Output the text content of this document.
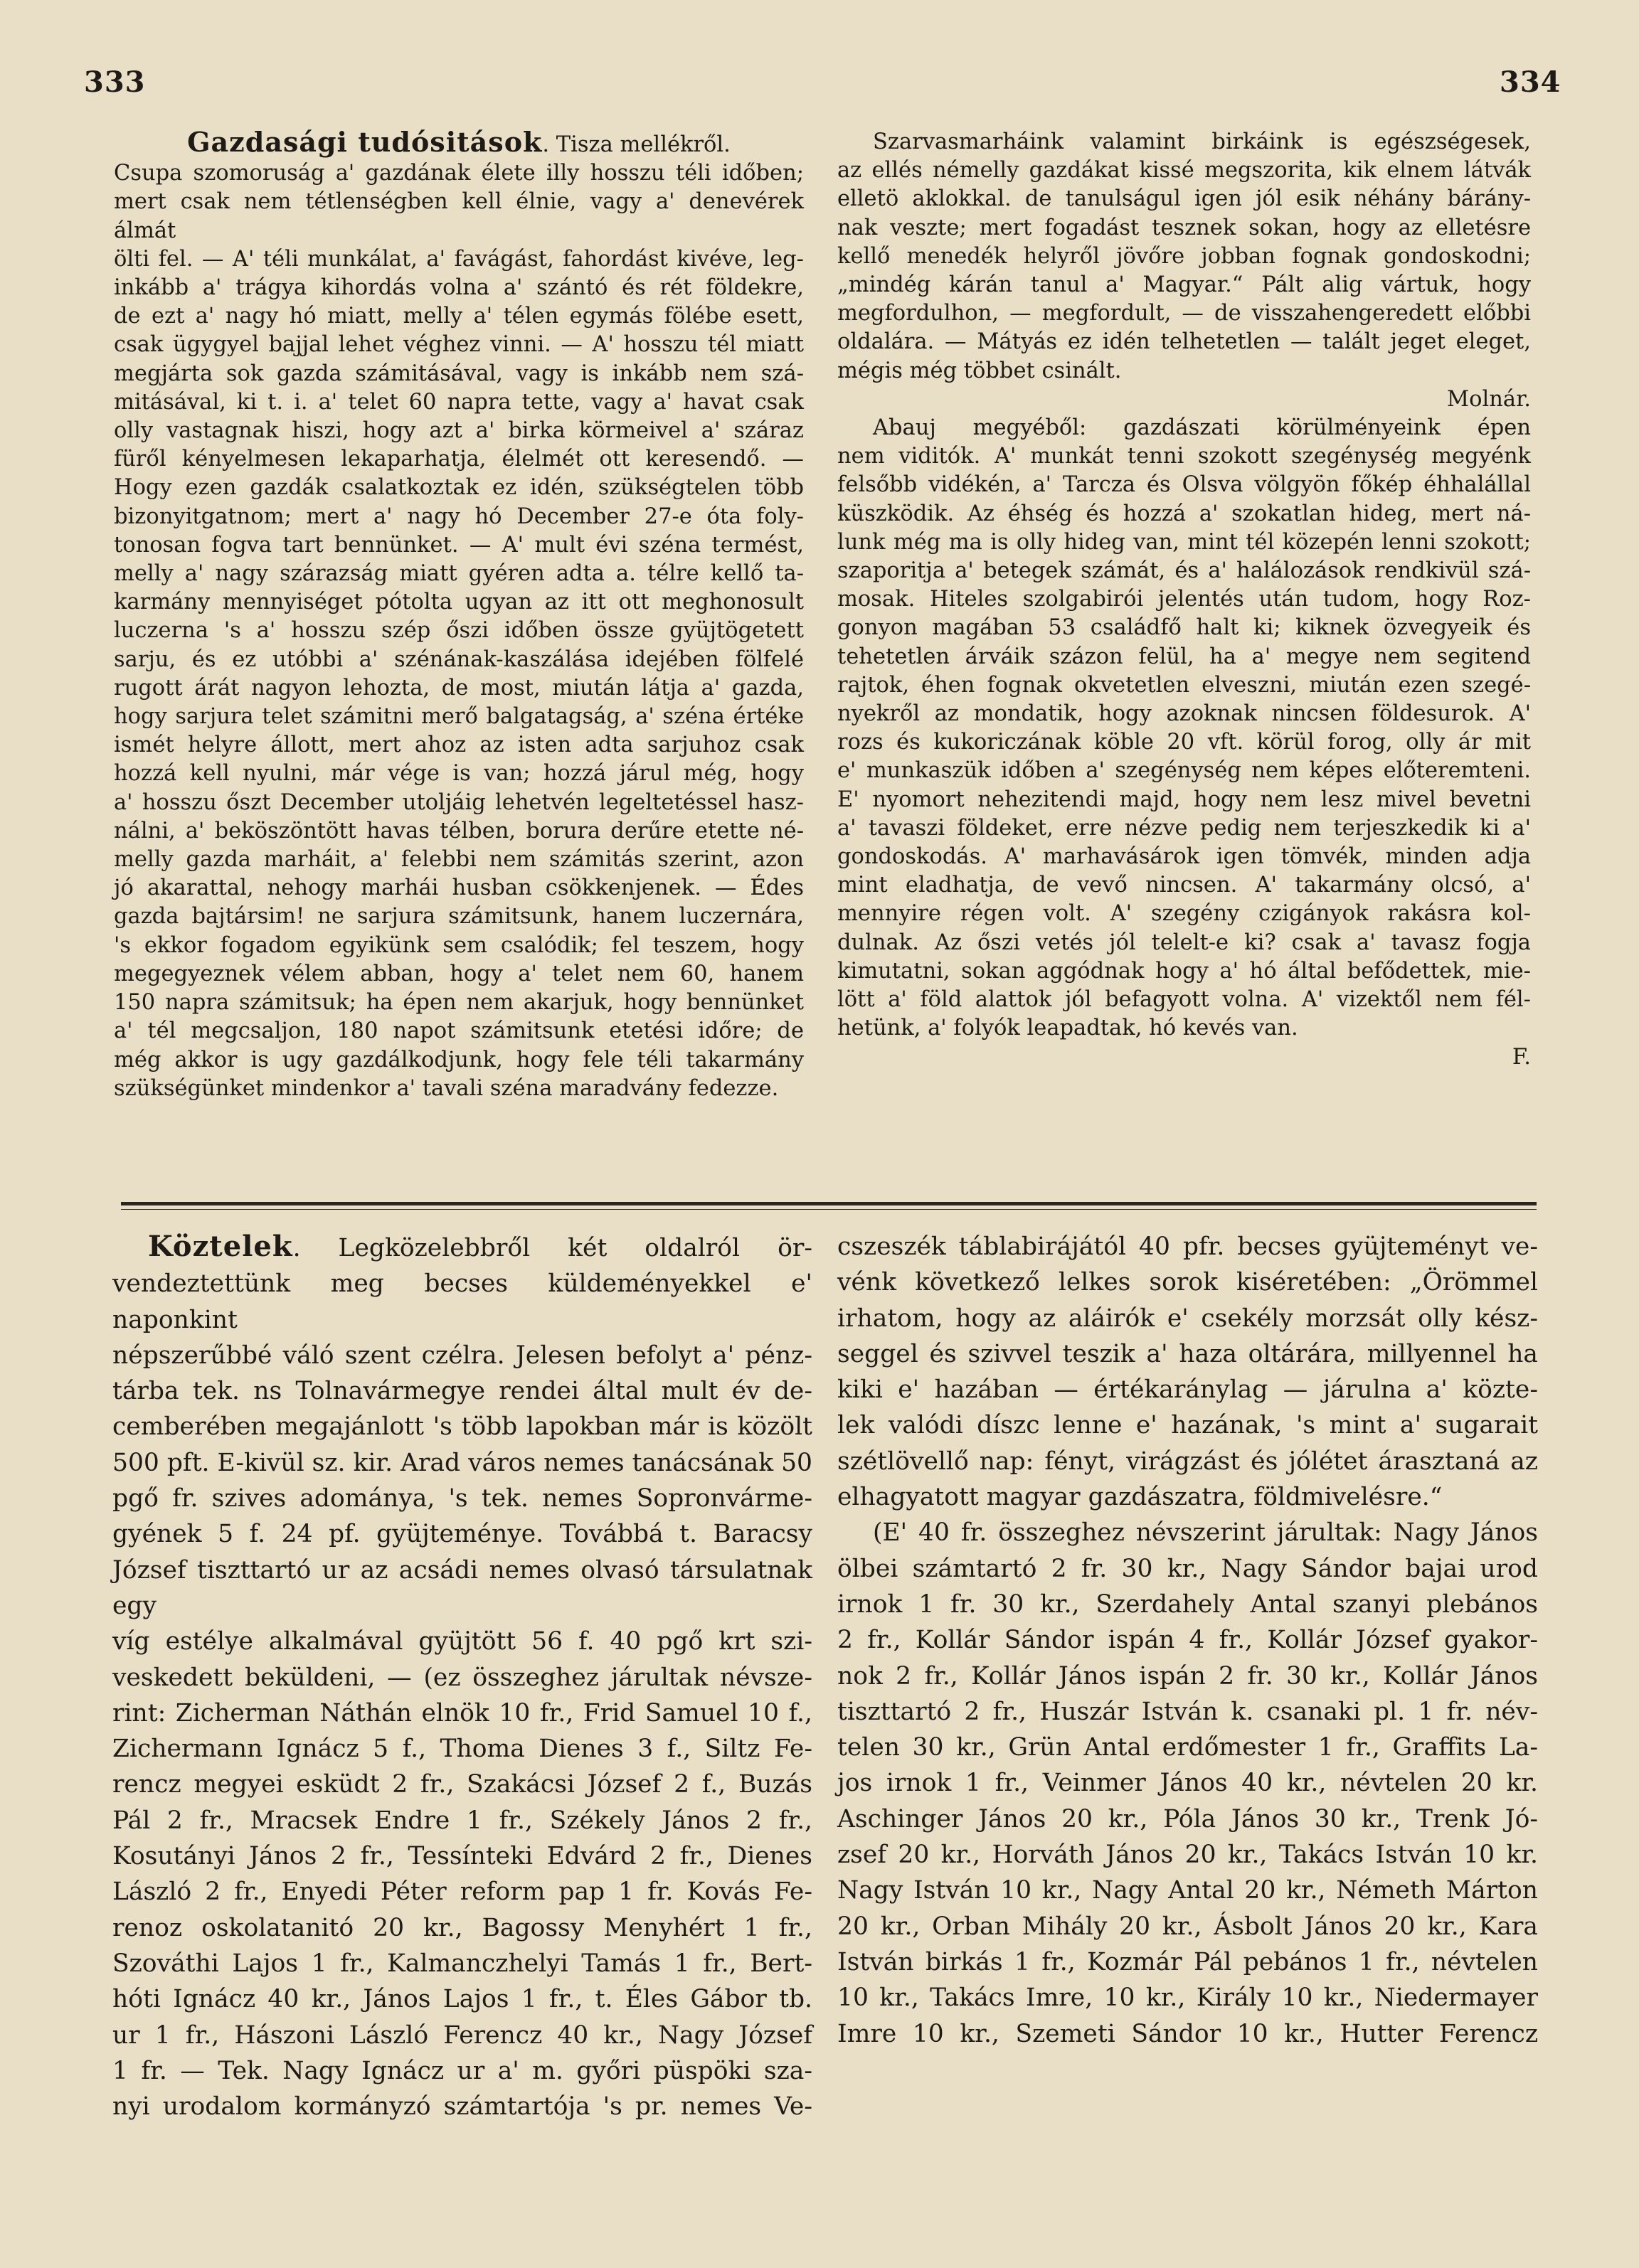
333	334

Gazdasági tudósitások. Tisza mellékről.

Csupa szomoruság a' gazdának élete illy hosszu téli időben;

mert csak nem tétlenségben kell élnie, vagy a' denevérek álmát

ölti fel. — A' téli munkálat, a' favágást, fahordást kivéve, leg-

inkább a' trágya kihordás volna a' szántó és rét földekre,

de ezt a' nagy hó miatt, melly a' télen egymás fölébe esett,

csak ügygyel bajjal lehet véghez vinni. — A' hosszu tél miatt

megjárta sok gazda számitásával, vagy is inkább nem szá-

mitásával, ki t. i. a' telet 60 napra tette, vagy a' havat csak

olly vastagnak hiszi, hogy azt a' birka körmeivel a' száraz

füről kényelmesen lekaparhatja, élelmét ott keresendő. —

Hogy ezen gazdák csalatkoztak ez idén, szükségtelen több

bizonyitgatnom; mert a' nagy hó December 27-e óta foly-

tonosan fogva tart bennünket. — A' mult évi széna termést,

melly a' nagy szárazság miatt gyéren adta a. télre kellő ta-

karmány mennyiséget pótolta ugyan az itt ott meghonosult

luczerna 's a' hosszu szép őszi időben össze gyüjtögetett

sarju, és ez utóbbi a' szénának-kaszálása idejében fölfelé

rugott árát nagyon lehozta, de most, miután látja a' gazda,

hogy sarjura telet számitni merő balgatagság, a' széna értéke

ismét helyre állott, mert ahoz az isten adta sarjuhoz csak

hozzá kell nyulni, már vége is van; hozzá járul még, hogy

a' hosszu őszt December utoljáig lehetvén legeltetéssel hasz-

nálni, a' beköszöntött havas télben, borura derűre etette né-

melly gazda marháit, a' felebbi nem számitás szerint, azon

jó akarattal, nehogy marhái husban csökkenjenek. — Édes

gazda bajtársim! ne sarjura számitsunk, hanem luczernára,

's ekkor fogadom egyikünk sem csalódik; fel teszem, hogy

megegyeznek vélem abban, hogy a' telet nem 60, hanem

150 napra számitsuk; ha épen nem akarjuk, hogy bennünket

a' tél megcsaljon, 180 napot számitsunk etetési időre; de

még akkor is ugy gazdálkodjunk, hogy fele téli takarmány

szükségünket mindenkor a' tavali széna maradvány fedezze.

Szarvasmarháink valamint birkáink is egészségesek,

az ellés némelly gazdákat kissé megszorita, kik elnem látvák

elletö aklokkal. de tanulságul igen jól esik néhány bárány-

nak veszte; mert fogadást tesznek sokan, hogy az elletésre

kellő menedék helyről jövőre jobban fognak gondoskodni;

„mindég kárán tanul a' Magyar.“ Pált alig vártuk, hogy

megfordulhon, — megfordult, — de visszahengeredett előbbi

oldalára. — Mátyás ez idén telhetetlen — talált jeget eleget,

mégis még többet csinált.

Molnár.

Abauj megyéből: gazdászati körülményeink épen

nem viditók. A' munkát tenni szokott szegénység megyénk

felsőbb vidékén, a' Tarcza és Olsva völgyön főkép éhhalállal

küszködik. Az éhség és hozzá a' szokatlan hideg, mert ná-

lunk még ma is olly hideg van, mint tél közepén lenni szokott;

szaporitja a' betegek számát, és a' halálozások rendkivül szá-

mosak. Hiteles szolgabirói jelentés után tudom, hogy Roz-

gonyon magában 53 családfő halt ki; kiknek özvegyeik és

tehetetlen árváik százon felül, ha a' megye nem segitend

rajtok, éhen fognak okvetetlen elveszni, miután ezen szegé-

nyekről az mondatik, hogy azoknak nincsen földesurok. A'

rozs és kukoriczának köble 20 vft. körül forog, olly ár mit

e' munkaszük időben a' szegénység nem képes előteremteni.

E' nyomort nehezitendi majd, hogy nem lesz mivel bevetni

a' tavaszi földeket, erre nézve pedig nem terjeszkedik ki a'

gondoskodás. A' marhavásárok igen tömvék, minden adja

mint eladhatja, de vevő nincsen. A' takarmány olcsó, a'

mennyire régen volt. A' szegény czigányok rakásra kol-

dulnak. Az őszi vetés jól telelt-e ki? csak a' tavasz fogja

kimutatni, sokan aggódnak hogy a' hó által befődettek, mie-

lött a' föld alattok jól befagyott volna. A' vizektől nem fél-

hetünk, a' folyók leapadtak, hó kevés van.

F.

Köztelek. Legközelebbről két oldalról ör-

vendeztettünk meg becses küldeményekkel e' naponkint

népszerűbbé váló szent czélra. Jelesen befolyt a' pénz-

tárba tek. ns Tolnavármegye rendei által mult év de-

cemberében megajánlott 's több lapokban már is közölt

500 pft. E-kivül sz. kir. Arad város nemes tanácsának 50

pgő fr. szives adománya, 's tek. nemes Sopronvárme-

gyének 5 f. 24 pf. gyüjteménye. Továbbá t. Baracsy

József tiszttartó ur az acsádi nemes olvasó társulatnak egy

víg estélye alkalmával gyüjtött 56 f. 40 pgő krt szi-

veskedett beküldeni, — (ez összeghez járultak névsze-

rint: Zicherman Náthán elnök 10 fr., Frid Samuel 10 f.,

Zichermann Ignácz 5 f., Thoma Dienes 3 f., Siltz Fe-

rencz megyei esküdt 2 fr., Szakácsi József 2 f., Buzás

Pál 2 fr., Mracsek Endre 1 fr., Székely János 2 fr.,

Kosutányi János 2 fr., Tessínteki Edvárd 2 fr., Dienes

László 2 fr., Enyedi Péter reform pap 1 fr. Kovás Fe-

renoz oskolatanitó 20 kr., Bagossy Menyhért 1 fr.,

Szováthi Lajos 1 fr., Kalmanczhelyi Tamás 1 fr., Bert-

hóti Ignácz 40 kr., János Lajos 1 fr., t. Éles Gábor tb.

ur 1 fr., Hászoni László Ferencz 40 kr., Nagy József

1 fr. — Tek. Nagy Ignácz ur a' m. győri püspöki sza-

nyi urodalom kormányzó számtartója 's pr. nemes Ve-

cszeszék táblabirájától 40 pfr. becses gyüjteményt ve-

vénk következő lelkes sorok kiséretében: „Örömmel

irhatom, hogy az aláirók e' csekély morzsát olly kész-

seggel és szivvel teszik a' haza oltárára, millyennel ha

kiki e' hazában — értékaránylag — járulna a' közte-

lek valódi díszc lenne e' hazának, 's mint a' sugarait

szétlövellő nap: fényt, virágzást és jólétet árasztaná az

elhagyatott magyar gazdászatra, földmivelésre.“

(E' 40 fr. összeghez névszerint járultak: Nagy János

ölbei számtartó 2 fr. 30 kr., Nagy Sándor bajai urod

irnok 1 fr. 30 kr., Szerdahely Antal szanyi plebános

2 fr., Kollár Sándor ispán 4 fr., Kollár József gyakor-

nok 2 fr., Kollár János ispán 2 fr. 30 kr., Kollár János

tiszttartó 2 fr., Huszár István k. csanaki pl. 1 fr. név-

telen 30 kr., Grün Antal erdőmester 1 fr., Graffits La-

jos irnok 1 fr., Veinmer János 40 kr., névtelen 20 kr.

Aschinger János 20 kr., Póla János 30 kr., Trenk Jó-

zsef 20 kr., Horváth János 20 kr., Takács István 10 kr.

Nagy István 10 kr., Nagy Antal 20 kr., Németh Márton

20 kr., Orban Mihály 20 kr., Ásbolt János 20 kr., Kara

István birkás 1 fr., Kozmár Pál pebános 1 fr., névtelen

10 kr., Takács Imre, 10 kr., Király 10 kr., Niedermayer

Imre 10 kr., Szemeti Sándor 10 kr., Hutter Ferencz
